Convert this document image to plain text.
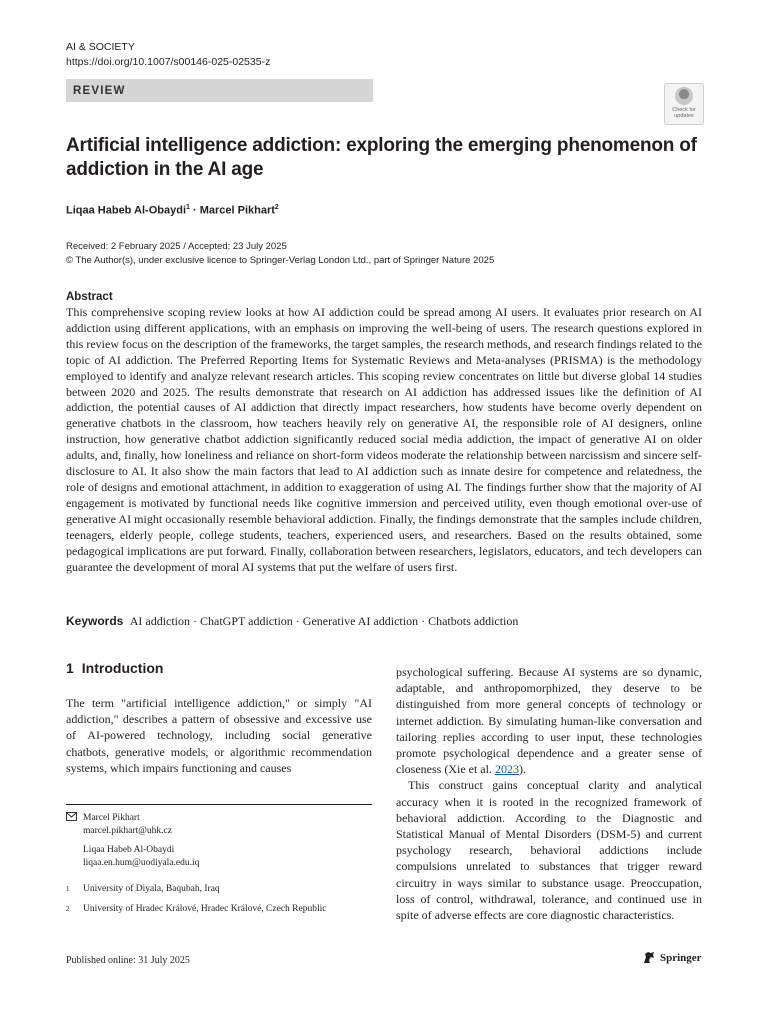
AI & SOCIETY
https://doi.org/10.1007/s00146-025-02535-z
REVIEW
Check for
updates
Artificial intelligence addiction: exploring the emerging phenomenon of addiction in the AI age
Liqaa Habeb Al-Obaydi$^1$ · Marcel Pikhart$^2$
Received: 2 February 2025 / Accepted: 23 July 2025
© The Author(s), under exclusive licence to Springer-Verlag London Ltd., part of Springer Nature 2025
Abstract

This comprehensive scoping review looks at how AI addiction could be spread among AI users. It evaluates prior research on AI addiction using different applications, with an emphasis on improving the well-being of users. The research questions explored in this review focus on the description of the frameworks, the target samples, the research methods, and research findings related to the topic of AI addiction. The Preferred Reporting Items for Systematic Reviews and Meta-analyses (PRISMA) is the methodology employed to identify and analyze relevant research articles. This scoping review concentrates on little but diverse global 14 studies between 2020 and 2025. The results demonstrate that research on AI addiction has addressed issues like the definition of AI addiction, the potential causes of AI addiction that directly impact researchers, how students have become overly dependent on generative chatbots in the classroom, how teachers heavily rely on generative AI, the responsible role of AI designers, online instruction, how generative chatbot addiction significantly reduced social media addiction, the impact of generative AI on older adults, and, finally, how loneliness and reliance on short-form videos moderate the relationship between narcissism and sincere self-disclosure to AI. It also show the main factors that lead to AI addiction such as innate desire for competence and relatedness, the role of designs and emotional attachment, in addition to exaggeration of using AI. The findings further show that the majority of AI engagement is motivated by functional needs like cognitive immersion and perceived utility, even though emotional over-use of generative AI might occasionally resemble behavioral addiction. Finally, the findings demonstrate that the samples include children, teenagers, elderly people, college students, teachers, experienced users, and researchers. Based on the results obtained, some pedagogical implications are put forward. Finally, collaboration between researchers, legislators, educators, and tech developers can guarantee the development of moral AI systems that put the welfare of users first.

Keywords AI addiction · ChatGPT addiction · Generative AI addiction · Chatbots addiction
1 Introduction

The term "artificial intelligence addiction," or simply "AI addiction," describes a pattern of obsessive and excessive use of AI-powered technology, including social generative chatbots, generative models, or algorithmic recommendation systems, which impairs functioning and causes

Marcel Pikhart
marcel.pikhart@uhk.cz
Liqaa Habeb Al-Obaydi
liqaa.en.hum@uodiyala.edu.iq
1	University of Diyala, Baqubah, Iraq
2	University of Hradec Králové, Hradec Králové, Czech Republic

psychological suffering. Because AI systems are so dynamic, adaptable, and anthropomorphized, they deserve to be distinguished from more general concepts of technology or internet addiction. By simulating human-like conversation and tailoring replies according to user input, these technologies promote psychological dependence and a greater sense of closeness (Xie et al. 2023).

This construct gains conceptual clarity and analytical accuracy when it is rooted in the recognized framework of behavioral addiction. According to the Diagnostic and Statistical Manual of Mental Disorders (DSM-5) and current psychology research, behavioral addictions include compulsions unrelated to substances that trigger reward circuitry in ways similar to substance usage. Preoccupation, loss of control, withdrawal, tolerance, and continued use in spite of adverse effects are core diagnostic characteristics.

Published online: 31 July 2025	Springer
